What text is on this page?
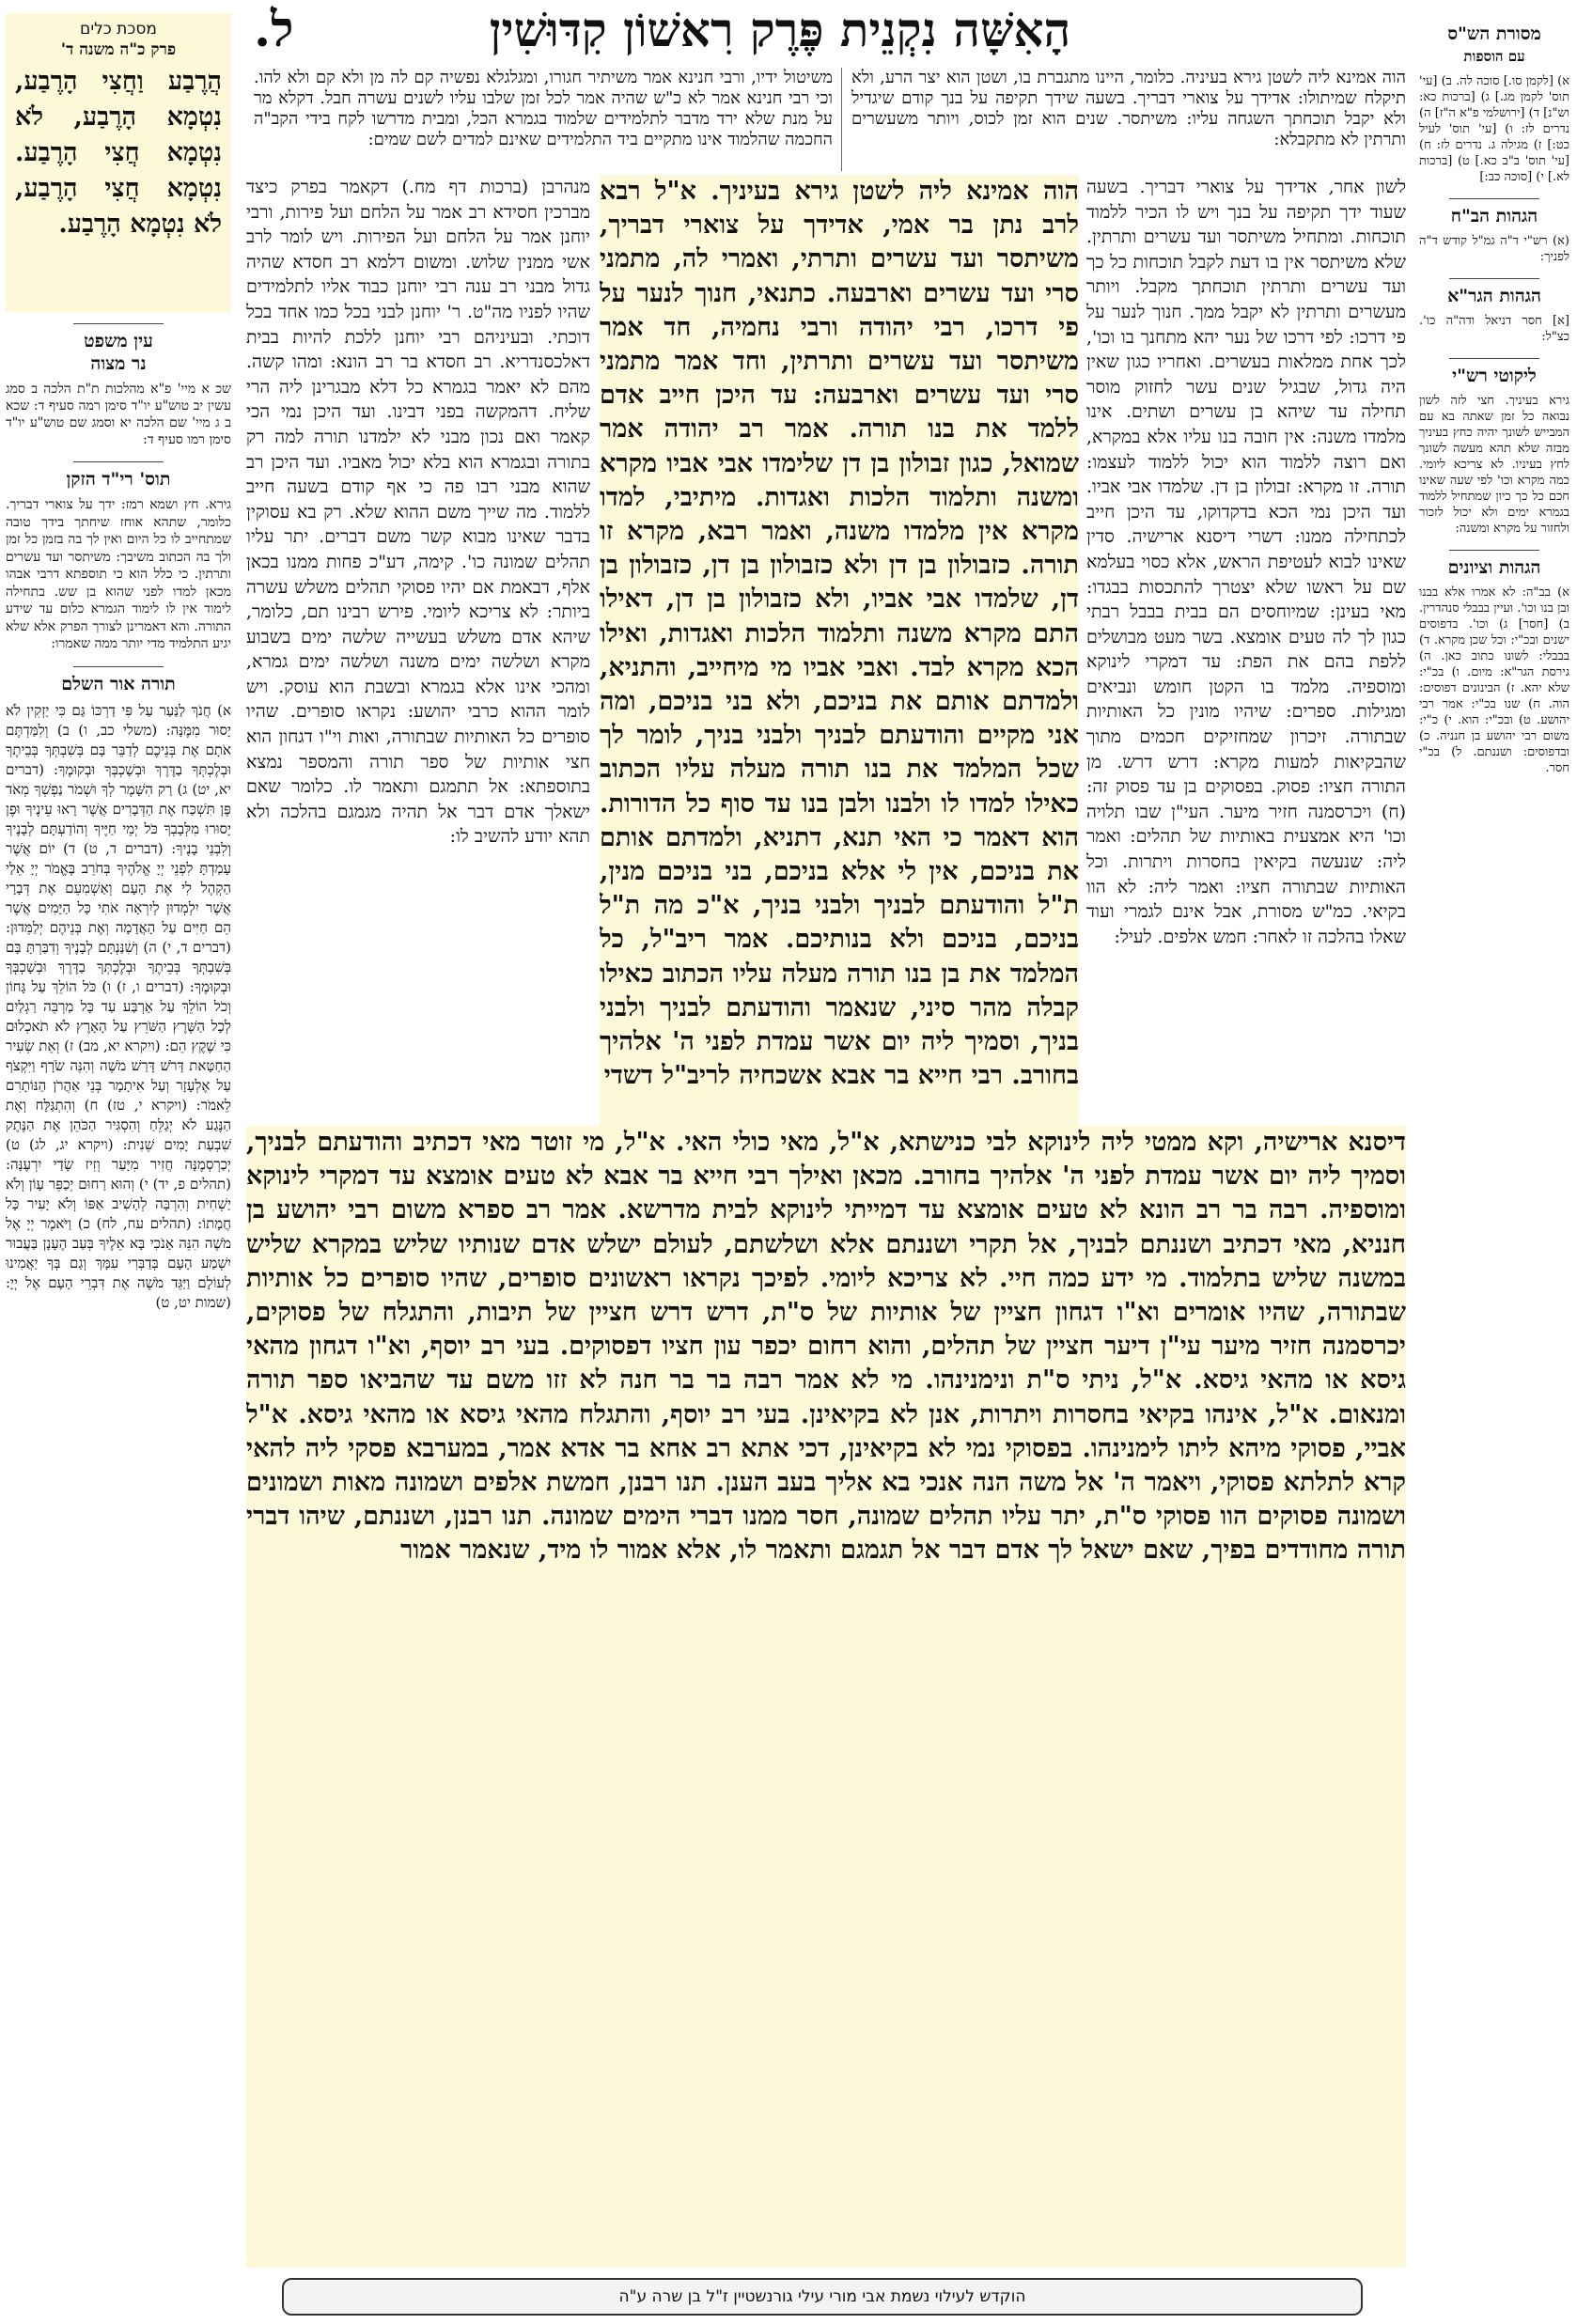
הָאִשָּׁה נִקְנֵית פֶּרֶק רִאשׁוֹן קִדּוּשִׁין
ל.	מסורת הש"ס
עם הוספות
א) [לקמן סו.] סוכה לה. ב) [עי' תוס' לקמן מג.] ג) [ברכות כא: וש"נ] ד) [ירושלמי פ"א ה"ז] ה) נדרים לז: ו) [עי' תוס' לעיל כט:] ז) מגילה ג. נדרים לז: ח) [עי' תוס' ב"ב כא.] ט) [ברכות לא.] י) [סוכה כב:]
הגהות הב"ח
(א) רש"י ד"ה גמ"ל קודש ד"ה לפניך:
הגהות הגר"א
[א] חסר דניאל ודה"ה כו'. כצ"ל:
ליקוטי רש"י
גירא בעיניך. חצי לזה לשון נבואה כל זמן שאתה בא עם המבייש לשונך יהיה כחץ בעיניך מבזה שלא תהא מעשה לשונך לחץ בעיניו. לא צריכא ליומי. כמה מקרא וכו' לפי שעה שאינו חכם כל כך כיון שמתחיל ללמוד בגמרא ימים ולא יכול לזכור ולחזור על מקרא ומשנה:
הגהות וציונים
א) בב"ה: לא אמרו אלא בבנו ובן בנו וכו'. ועיין בבבלי סנהדרין. ב) [חסר] ג) וכו'. בדפוסים ישנים ובכ"י: וכל שכן מקרא. ד) בבבלי: לשונו כתוב כאן. ה) גירסת הגר"א: מיום. ו) בכ"י: שלא יהא. ז) הבינונים דפוסים: הוה. ח) שנו בכ"י: אמר רבי יהושע. ט) ובכ"י: הוא. י) כ"י: משום רבי יהושע בן חנניה. כ) ובדפוסים: ושננתם. ל) בכ"י חסר.
מסכת כלים
פרק כ"ה משנה ד'
הֲרֶבַע וַחֲצִי הָרֶבַע, נִטְמָא הָרֶבַע, לֹא נִטְמָא חֲצִי הָרֶבַע. נִטְמָא חֲצִי הָרֶבַע, לֹא נִטְמָא הָרֶבַע.
עין משפט
נר מצוה
שכ א מיי' פ"א מהלכות ת"ת הלכה ב סמג עשין יב טוש"ע יו"ד סימן רמה סעיף ד: שכא ב ג מיי' שם הלכה יא וסמג שם טוש"ע יו"ד סימן רמו סעיף ד:
תוס' רי"ד הזקן
גירא. חץ ושמא רמז: ידך על צוארי דבריך. כלומר, שתהא אוחז שיחתך בידך טובה שמתחייב לו כל היום ואין לך בה בזמן כל זמן ולך בה הכתוב משיבך: משיתסר ועד עשרים ותרתין. כי כלל הוא כי תוספתא דרבי אבהו מכאן למדו לפני שהוא בן שש. בתחילה לימוד אין לו לימוד הגמרא כלום עד שידע התורה. והא דאמרינן לצורך הפרק אלא שלא יגיע התלמיד מדי יותר ממה שאמרו:
תורה אור השלם
א) חֲנֹךְ לַנַּעַר עַל פִּי דַרְכּוֹ גַּם כִּי יַזְקִין לֹא יָסוּר מִמֶּנָּה: (משלי כב, ו) ב) וְלִמַּדְתֶּם אֹתָם אֶת בְּנֵיכֶם לְדַבֵּר בָּם בְּשִׁבְתְּךָ בְּבֵיתֶךָ וּבְלֶכְתְּךָ בַדֶּרֶךְ וּבְשָׁכְבְּךָ וּבְקוּמֶךָ: (דברים יא, יט) ג) רַק הִשָּׁמֶר לְךָ וּשְׁמֹר נַפְשְׁךָ מְאֹד פֶּן תִּשְׁכַּח אֶת הַדְּבָרִים אֲשֶׁר רָאוּ עֵינֶיךָ וּפֶן יָסוּרוּ מִלְּבָבְךָ כֹּל יְמֵי חַיֶּיךָ וְהוֹדַעְתָּם לְבָנֶיךָ וְלִבְנֵי בָנֶיךָ: (דברים ד, ט) ד) יוֹם אֲשֶׁר עָמַדְתָּ לִפְנֵי יְיָ אֱלֹהֶיךָ בְּחֹרֵב בֶּאֱמֹר יְיָ אֵלַי הַקְהֶל לִי אֶת הָעָם וְאַשְׁמִעֵם אֶת דְּבָרָי אֲשֶׁר יִלְמְדוּן לְיִרְאָה אֹתִי כָּל הַיָּמִים אֲשֶׁר הֵם חַיִּים עַל הָאֲדָמָה וְאֶת בְּנֵיהֶם יְלַמֵּדוּן: (דברים ד, י) ה) וְשִׁנַּנְתָּם לְבָנֶיךָ וְדִבַּרְתָּ בָּם בְּשִׁבְתְּךָ בְּבֵיתֶךָ וּבְלֶכְתְּךָ בַדֶּרֶךְ וּבְשָׁכְבְּךָ וּבְקוּמֶךָ: (דברים ו, ז) ו) כֹּל הוֹלֵךְ עַל גָּחוֹן וְכֹל הוֹלֵךְ עַל אַרְבַּע עַד כָּל מַרְבֵּה רַגְלַיִם לְכָל הַשֶּׁרֶץ הַשֹּׁרֵץ עַל הָאָרֶץ לֹא תֹאכְלוּם כִּי שֶׁקֶץ הֵם: (ויקרא יא, מב) ז) וְאֵת שְׂעִיר הַחַטָּאת דָּרֹשׁ דָּרַשׁ מֹשֶׁה וְהִנֵּה שֹׂרָף וַיִּקְצֹף עַל אֶלְעָזָר וְעַל אִיתָמָר בְּנֵי אַהֲרֹן הַנּוֹתָרִם לֵאמֹר: (ויקרא י, טז) ח) וְהִתְגַּלָּח וְאֶת הַנֶּגַע לֹא יְגַלֵּחַ וְהִסְגִּיר הַכֹּהֵן אֶת הַנֶּתֶק שִׁבְעַת יָמִים שֵׁנִית: (ויקרא יג, לג) ט) יְכַרְסְמֶנָּה חֲזִיר מִיָּעַר וְזִיז שָׂדַי יִרְעֶנָּה: (תהלים פ, יד) י) וְהוּא רַחוּם יְכַפֵּר עָוֹן וְלֹא יַשְׁחִית וְהִרְבָּה לְהָשִׁיב אַפּוֹ וְלֹא יָעִיר כָּל חֲמָתוֹ: (תהלים עח, לח) כ) וַיֹּאמֶר יְיָ אֶל מֹשֶׁה הִנֵּה אָנֹכִי בָּא אֵלֶיךָ בְּעַב הֶעָנָן בַּעֲבוּר יִשְׁמַע הָעָם בְּדַבְּרִי עִמָּךְ וְגַם בְּךָ יַאֲמִינוּ לְעוֹלָם וַיַּגֵּד מֹשֶׁה אֶת דִּבְרֵי הָעָם אֶל יְיָ: (שמות יט, ט)
הוה אמינא ליה לשטן גירא בעיניה. כלומר, היינו מתגברת בו, ושטן הוא יצר הרע, ולא תיקלח שמיתולו: אדידך על צוארי דבריך. בשעה שידך תקיפה על בנך קודם שיגדיל ולא יקבל תוכחתך השגחה עליו: משיתסר. שנים הוא זמן לכוס, ויותר משעשרים ותרתין לא מתקבלא:
משיטול ידיו, ורבי חנינא אמר משיתיר חגורו, ומגלגלא נפשיה קם לה מן ולא קם ולא להו. וכי רבי חנינא אמר לא כ"ש שהיה אמר לכל זמן שלבו עליו לשנים עשרה חבל. דקלא מר על מנת שלא ירד מדבר לתלמידים שלמוד בגמרא הכל, ומבית מדרשו לקח בידי הקב"ה החכמה שהלמוד אינו מתקיים ביד התלמידים שאינם למדים לשם שמים:
לשון אחר, אדידך על צוארי דבריך. בשעה שעוד ידך תקיפה על בנך ויש לו הכיר ללמוד תוכחות. ומתחיל משיתסר ועד עשרים ותרתין. שלא משיתסר אין בו דעת לקבל תוכחות כל כך ועד עשרים ותרתין תוכחתך מקבל. ויותר מעשרים ותרתין לא יקבל ממך. חנוך לנער על פי דרכו: לפי דרכו של נער יהא מתחנך בו וכו', לכך אחת ממלאות בעשרים. ואחריו כגון שאין היה גדול, שבגיל שנים עשר לחזוק מוסר תחילה עד שיהא בן עשרים ושתים. אינו מלמדו משנה: אין חובה בנו עליו אלא במקרא, ואם רוצה ללמוד הוא יכול ללמוד לעצמו: תורה. זו מקרא: זבולון בן דן. שלמדו אבי אביו. ועד היכן נמי הכא בדקדוקו, עד היכן חייב לכתחילה ממנו: דשרי דיסנא ארישיה. סדין שאינו לבוא לעטיפת הראש, אלא כסוי בעלמא שם על ראשו שלא יצטרך להתכסות בבגדו: מאי בעינן: שמיוחסים הם בבית בבבל רבתי כגון לך לה טעים אומצא. בשר מעט מבושלים ללפת בהם את הפת: עד דמקרי לינוקא ומוספיה. מלמד בו הקטן חומש ונביאים ומגילות. ספרים: שיהיו מונין כל האותיות שבתורה. זיכרון שמחזיקים חכמים מתוך שהבקיאות למעות מקרא: דרש דרש. מן התורה חציו: פסוק. בפסוקים בן עד פסוק זה: (ח) ויכרסמנה חזיר מיער. העי"ן שבו תלויה וכו' היא אמצעית באותיות של תהלים: ואמר ליה: שנעשה בקיאין בחסרות ויתרות. וכל האותיות שבתורה חציו: ואמר ליה: לא הוו בקיאי. כמ"ש מסורת, אבל אינם לגמרי ועוד שאלו בהלכה זו לאחר: חמש אלפים. לעיל:
מנהרבן (ברכות דף מח.) דקאמר בפרק כיצד מברכין חסידא רב אמר על הלחם ועל פירות, ורבי יוחנן אמר על הלחם ועל הפירות. ויש לומר לרב אשי ממנין שלוש. ומשום דלמא רב חסדא שהיה גדול מבני רב ענה רבי יוחנן כבוד אליו לתלמידים שהיו לפניו מה"ט. ר' יוחנן לבני בכל כמו אחד בכל דוכתי. ובעיניהם רבי יוחנן ללכת להיות בבית דאלכסנדריא. רב חסדא בר רב הונא: ומהו קשה. מהם לא יאמר בגמרא כל דלא מבגרינן ליה הרי שליח. דהמקשה בפני דבינו. ועד היכן נמי הכי קאמר ואם נכון מבני לא ילמדנו תורה למה רק בתורה ובגמרא הוא בלא יכול מאביו. ועד היכן רב שהוא מבני רבו פה כי אף קודם בשעה חייב ללמוד. מה שייך משם ההוא שלא. רק בא עסוקין בדבר שאינו מבוא קשר משם דברים. יתר עליו תהלים שמונה כו'. קימה, דע"כ פחות ממנו בכאן אלף, דבאמת אם יהיו פסוקי תהלים משלש עשרה ביותר: לא צריכא ליומי. פירש רבינו תם, כלומר, שיהא אדם משלש בעשייה שלשה ימים בשבוע מקרא ושלשה ימים משנה ושלשה ימים גמרא, ומהכי אינו אלא בגמרא ובשבת הוא עוסק. ויש לומר ההוא כרבי יהושע: נקראו סופרים. שהיו סופרים כל האותיות שבתורה, ואות וי"ו דגחון הוא חצי אותיות של ספר תורה והמספר נמצא בתוספתא: אל תתמגם ותאמר לו. כלומר שאם ישאלך אדם דבר אל תהיה מגמגם בהלכה ולא תהא יודע להשיב לו:

הוה אמינא ליה לשטן גירא בעיניך. א"ל רבא לרב נתן בר אמי, אדידך על צוארי דבריך, משיתסר ועד עשרים ותרתי, ואמרי לה, מתמני סרי ועד עשרים וארבעה. כתנאי, חנוך לנער על פי דרכו, רבי יהודה ורבי נחמיה, חד אמר משיתסר ועד עשרים ותרתין, וחד אמר מתמני סרי ועד עשרים וארבעה: עד היכן חייב אדם ללמד את בנו תורה. אמר רב יהודה אמר שמואל, כגון זבולון בן דן שלימדו אבי אביו מקרא ומשנה ותלמוד הלכות ואגדות. מיתיבי, למדו מקרא אין מלמדו משנה, ואמר רבא, מקרא זו תורה. כזבולון בן דן ולא כזבולון בן דן, כזבולון בן דן, שלמדו אבי אביו, ולא כזבולון בן דן, דאילו התם מקרא משנה ותלמוד הלכות ואגדות, ואילו הכא מקרא לבד. ואבי אביו מי מיחייב, והתניא, ולמדתם אותם את בניכם, ולא בני בניכם, ומה אני מקיים והודעתם לבניך ולבני בניך, לומר לך שכל המלמד את בנו תורה מעלה עליו הכתוב כאילו למדו לו ולבנו ולבן בנו עד סוף כל הדורות. הוא דאמר כי האי תנא, דתניא, ולמדתם אותם את בניכם, אין לי אלא בניכם, בני בניכם מנין, ת"ל והודעתם לבניך ולבני בניך, א"כ מה ת"ל בניכם, בניכם ולא בנותיכם. אמר ריב"ל, כל המלמד את בן בנו תורה מעלה עליו הכתוב כאילו קבלה מהר סיני, שנאמר והודעתם לבניך ולבני בניך, וסמיך ליה יום אשר עמדת לפני ה' אלהיך בחורב. רבי חייא בר אבא אשכחיה לריב"ל דשדי

דיסנא ארישיה, וקא ממטי ליה לינוקא לבי כנישתא, א"ל, מאי כולי האי. א"ל, מי זוטר מאי דכתיב והודעתם לבניך, וסמיך ליה יום אשר עמדת לפני ה' אלהיך בחורב. מכאן ואילך רבי חייא בר אבא לא טעים אומצא עד דמקרי לינוקא ומוספיה. רבה בר רב הונא לא טעים אומצא עד דמייתי לינוקא לבית מדרשא. אמר רב ספרא משום רבי יהושע בן חנניא, מאי דכתיב ושננתם לבניך, אל תקרי ושננתם אלא ושלשתם, לעולם ישלש אדם שנותיו שליש במקרא שליש במשנה שליש בתלמוד. מי ידע כמה חיי. לא צריכא ליומי. לפיכך נקראו ראשונים סופרים, שהיו סופרים כל אותיות שבתורה, שהיו אומרים וא"ו דגחון חציין של אותיות של ס"ת, דרש דרש חציין של תיבות, והתגלח של פסוקים, יכרסמנה חזיר מיער עי"ן דיער חציין של תהלים, והוא רחום יכפר עון חציו דפסוקים. בעי רב יוסף, וא"ו דגחון מהאי גיסא או מהאי גיסא. א"ל, ניתי ס"ת ונימנינהו. מי לא אמר רבה בר בר חנה לא זזו משם עד שהביאו ספר תורה ומנאום. א"ל, אינהו בקיאי בחסרות ויתרות, אנן לא בקיאינן. בעי רב יוסף, והתגלח מהאי גיסא או מהאי גיסא. א"ל אביי, פסוקי מיהא ליתו לימנינהו. בפסוקי נמי לא בקיאינן, דכי אתא רב אחא בר אדא אמר, במערבא פסקי ליה להאי קרא לתלתא פסוקי, ויאמר ה' אל משה הנה אנכי בא אליך בעב הענן. תנו רבנן, חמשת אלפים ושמונה מאות ושמונים ושמונה פסוקים הוו פסוקי ס"ת, יתר עליו תהלים שמונה, חסר ממנו דברי הימים שמונה. תנו רבנן, ושננתם, שיהו דברי תורה מחודדים בפיך, שאם ישאל לך אדם דבר אל תגמגם ותאמר לו, אלא אמור לו מיד, שנאמר אמור

הוקדש לעילוי נשמת אבי מורי עילי גורנשטיין ז"ל בן שרה ע"ה
